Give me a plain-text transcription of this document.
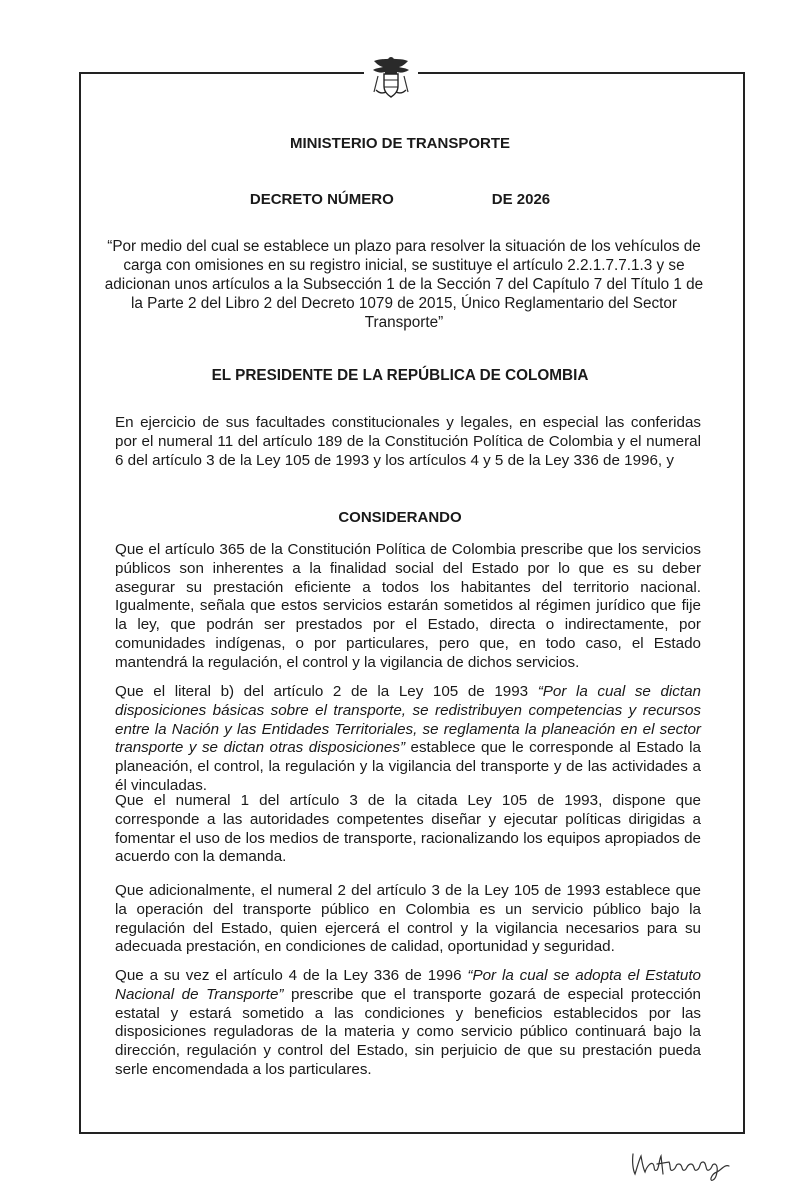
MINISTERIO DE TRANSPORTE
DECRETO NÚMERO	DE 2026
“Por medio del cual se establece un plazo para resolver la situación de los vehículos de carga con omisiones en su registro inicial, se sustituye el artículo 2.2.1.7.7.1.3 y se adicionan unos artículos a la Subsección 1 de la Sección 7 del Capítulo 7 del Título 1 de la Parte 2 del Libro 2 del Decreto 1079 de 2015, Único Reglamentario del Sector Transporte”
EL PRESIDENTE DE LA REPÚBLICA DE COLOMBIA
En ejercicio de sus facultades constitucionales y legales, en especial las conferidas por el numeral 11 del artículo 189 de la Constitución Política de Colombia y el numeral 6 del artículo 3 de la Ley 105 de 1993 y los artículos 4 y 5 de la Ley 336 de 1996, y
CONSIDERANDO
Que el artículo 365 de la Constitución Política de Colombia prescribe que los servicios públicos son inherentes a la finalidad social del Estado por lo que es su deber asegurar su prestación eficiente a todos los habitantes del territorio nacional. Igualmente, señala que estos servicios estarán sometidos al régimen jurídico que fije la ley, que podrán ser prestados por el Estado, directa o indirectamente, por comunidades indígenas, o por particulares, pero que, en todo caso, el Estado mantendrá la regulación, el control y la vigilancia de dichos servicios.
Que el literal b) del artículo 2 de la Ley 105 de 1993 “Por la cual se dictan disposiciones básicas sobre el transporte, se redistribuyen competencias y recursos entre la Nación y las Entidades Territoriales, se reglamenta la planeación en el sector transporte y se dictan otras disposiciones” establece que le corresponde al Estado la planeación, el control, la regulación y la vigilancia del transporte y de las actividades a él vinculadas.
Que el numeral 1 del artículo 3 de la citada Ley 105 de 1993, dispone que corresponde a las autoridades competentes diseñar y ejecutar políticas dirigidas a fomentar el uso de los medios de transporte, racionalizando los equipos apropiados de acuerdo con la demanda.
Que adicionalmente, el numeral 2 del artículo 3 de la Ley 105 de 1993 establece que la operación del transporte público en Colombia es un servicio público bajo la regulación del Estado, quien ejercerá el control y la vigilancia necesarios para su adecuada prestación, en condiciones de calidad, oportunidad y seguridad.
Que a su vez el artículo 4 de la Ley 336 de 1996 “Por la cual se adopta el Estatuto Nacional de Transporte” prescribe que el transporte gozará de especial protección estatal y estará sometido a las condiciones y beneficios establecidos por las disposiciones reguladoras de la materia y como servicio público continuará bajo la dirección, regulación y control del Estado, sin perjuicio de que su prestación pueda serle encomendada a los particulares.
